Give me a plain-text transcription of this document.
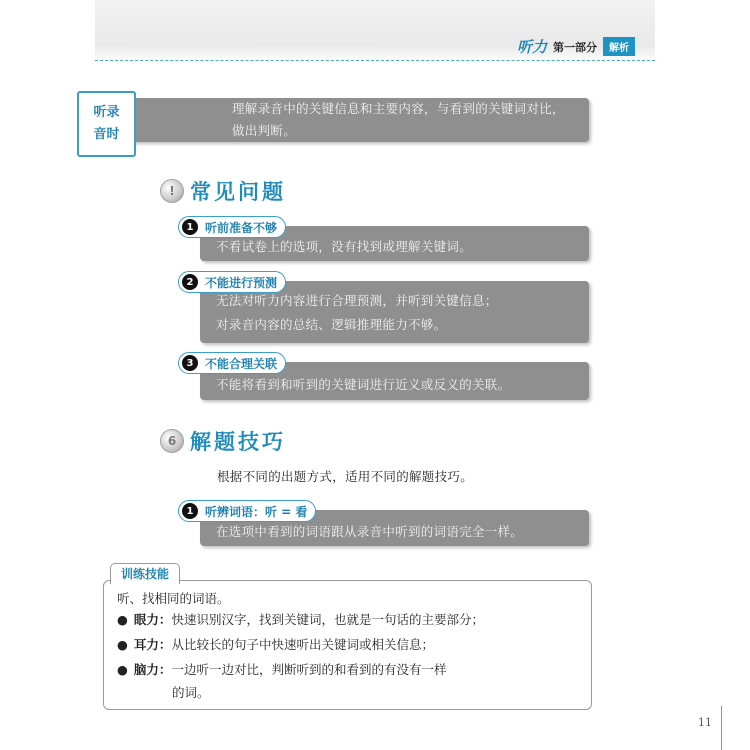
听力 第一部分	解析
听录
音时
理解录音中的关键信息和主要内容，与看到的关键词对比，
做出判断。
! 常见问题
1 听前准备不够
不看试卷上的选项，没有找到或理解关键词。
2 不能进行预测
无法对听力内容进行合理预测，并听到关键信息；
对录音内容的总结、逻辑推理能力不够。
3 不能合理关联
不能将看到和听到的关键词进行近义或反义的关联。
6 解题技巧
根据不同的出题方式，适用不同的解题技巧。
1 听辨词语：听 = 看
在选项中看到的词语跟从录音中听到的词语完全一样。
训练技能
听、找相同的词语。
● 眼力：快速识别汉字，找到关键词，也就是一句话的主要部分；
● 耳力：从比较长的句子中快速听出关键词或相关信息；
● 脑力：一边听一边对比，判断听到的和看到的有没有一样
的词。
11
